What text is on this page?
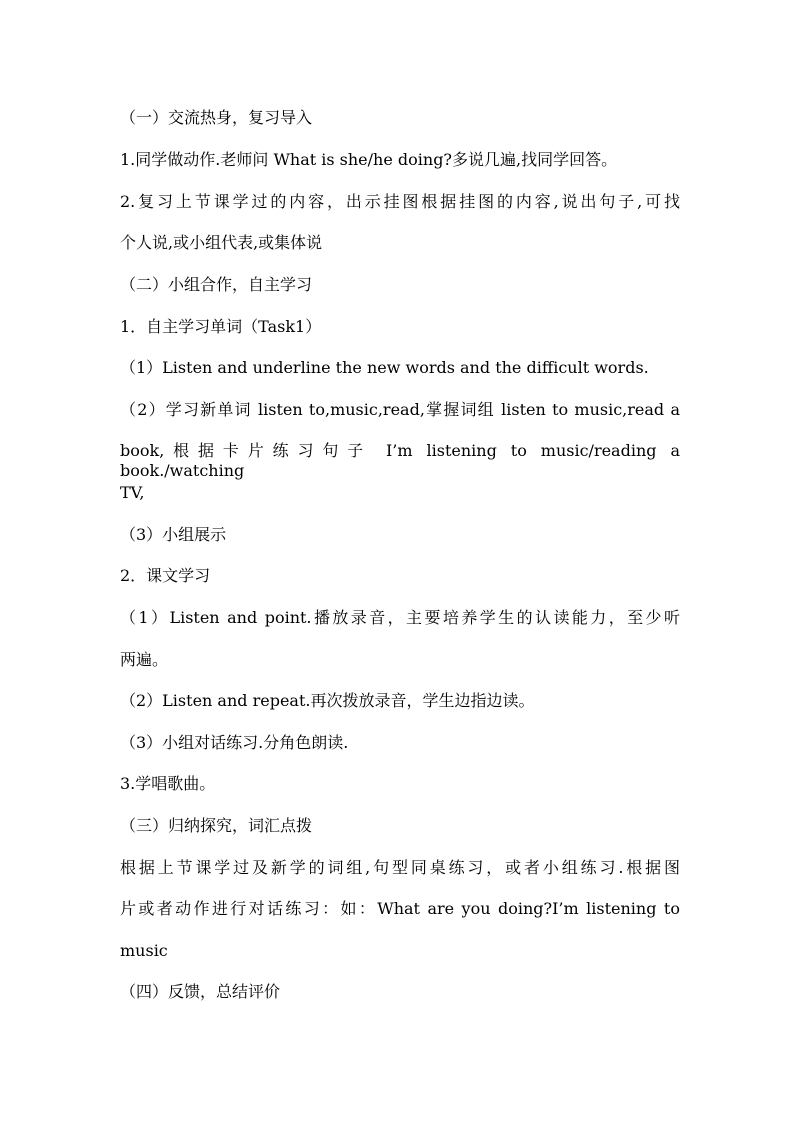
（一）交流热身，复习导入
1.同学做动作.老师问 What is she/he doing?多说几遍,找同学回答。
2.复习上节课学过的内容，出示挂图根据挂图的内容,说出句子,可找
个人说,或小组代表,或集体说
（二）小组合作，自主学习
1．自主学习单词（Task1）
（1）Listen and underline the new words and the difficult words.
（2）学习新单词 listen to,music,read,掌握词组 listen to music,read a
book,根据卡片练习句子 I’m listening to music/reading a book./watching
TV,
（3）小组展示
2．课文学习
（1）Listen and point.播放录音，主要培养学生的认读能力，至少听
两遍。
（2）Listen and repeat.再次拨放录音，学生边指边读。
（3）小组对话练习.分角色朗读.
3.学唱歌曲。
（三）归纳探究，词汇点拨
根据上节课学过及新学的词组,句型同桌练习，或者小组练习.根据图
片或者动作进行对话练习：如：What are you doing?I’m listening to
music
（四）反馈，总结评价
